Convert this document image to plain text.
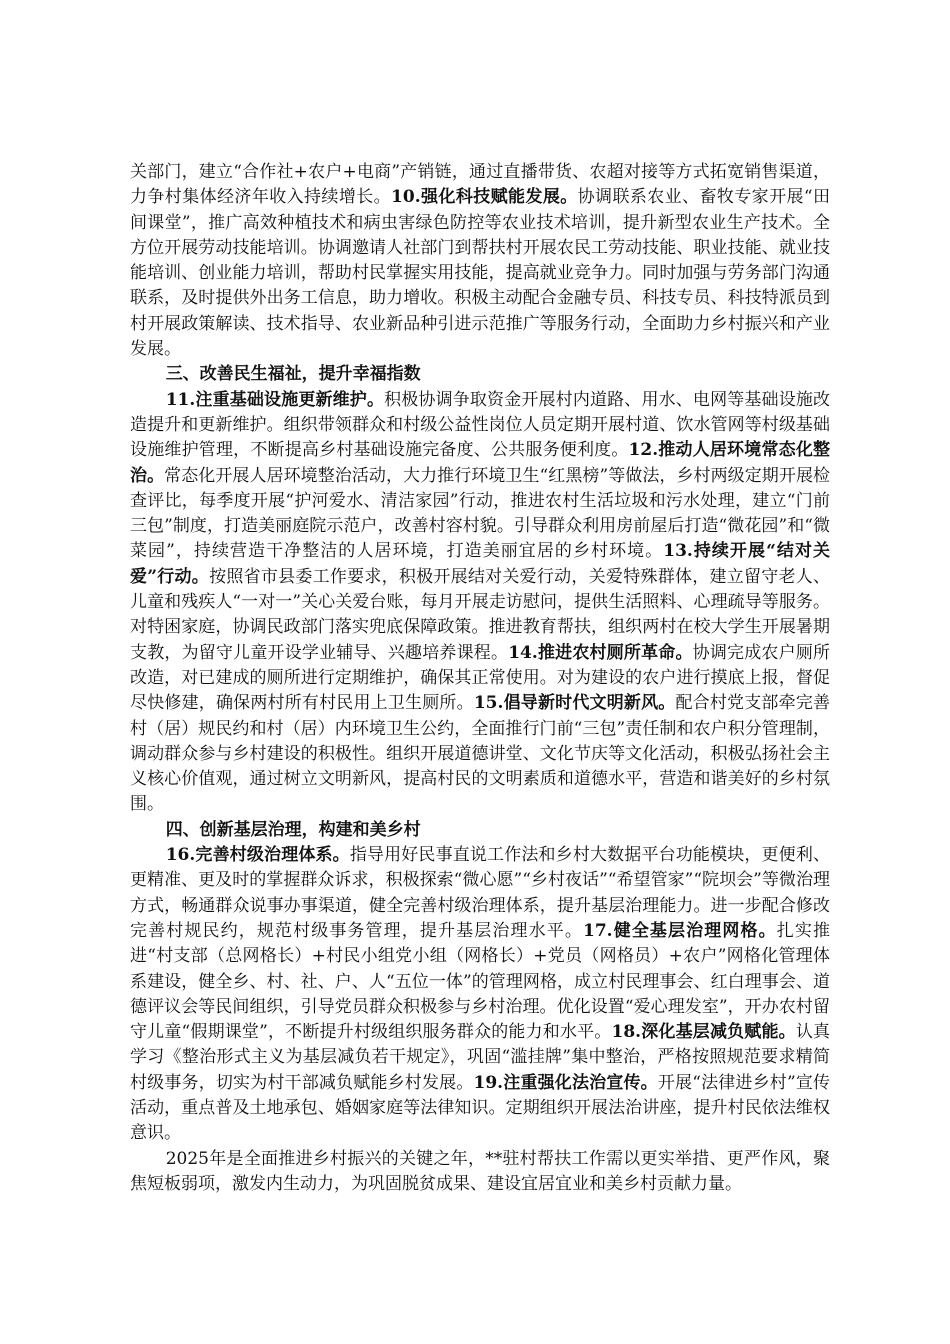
关部门，建立“合作社+农户+电商”产销链，通过直播带货、农超对接等方式拓宽销售渠道，力争村集体经济年收入持续增长。10.强化科技赋能发展。协调联系农业、畜牧专家开展“田间课堂”，推广高效种植技术和病虫害绿色防控等农业技术培训，提升新型农业生产技术。全方位开展劳动技能培训。协调邀请人社部门到帮扶村开展农民工劳动技能、职业技能、就业技能培训、创业能力培训，帮助村民掌握实用技能，提高就业竞争力。同时加强与劳务部门沟通联系，及时提供外出务工信息，助力增收。积极主动配合金融专员、科技专员、科技特派员到村开展政策解读、技术指导、农业新品种引进示范推广等服务行动，全面助力乡村振兴和产业发展。

三、改善民生福祉，提升幸福指数

11.注重基础设施更新维护。积极协调争取资金开展村内道路、用水、电网等基础设施改造提升和更新维护。组织带领群众和村级公益性岗位人员定期开展村道、饮水管网等村级基础设施维护管理，不断提高乡村基础设施完备度、公共服务便利度。12.推动人居环境常态化整治。常态化开展人居环境整治活动，大力推行环境卫生“红黑榜”等做法，乡村两级定期开展检查评比，每季度开展“护河爱水、清洁家园”行动，推进农村生活垃圾和污水处理，建立“门前三包”制度，打造美丽庭院示范户，改善村容村貌。引导群众利用房前屋后打造“微花园”和“微菜园”，持续营造干净整洁的人居环境，打造美丽宜居的乡村环境。13.持续开展“结对关爱”行动。按照省市县委工作要求，积极开展结对关爱行动，关爱特殊群体，建立留守老人、儿童和残疾人“一对一”关心关爱台账，每月开展走访慰问，提供生活照料、心理疏导等服务。对特困家庭，协调民政部门落实兜底保障政策。推进教育帮扶，组织两村在校大学生开展暑期支教，为留守儿童开设学业辅导、兴趣培养课程。14.推进农村厕所革命。协调完成农户厕所改造，对已建成的厕所进行定期维护，确保其正常使用。对为建设的农户进行摸底上报，督促尽快修建，确保两村所有村民用上卫生厕所。15.倡导新时代文明新风。配合村党支部牵完善村（居）规民约和村（居）内环境卫生公约，全面推行门前“三包”责任制和农户积分管理制，调动群众参与乡村建设的积极性。组织开展道德讲堂、文化节庆等文化活动，积极弘扬社会主义核心价值观，通过树立文明新风，提高村民的文明素质和道德水平，营造和谐美好的乡村氛围。

四、创新基层治理，构建和美乡村

16.完善村级治理体系。指导用好民事直说工作法和乡村大数据平台功能模块，更便利、更精准、更及时的掌握群众诉求，积极探索“微心愿”“乡村夜话”“希望管家”“院坝会”等微治理方式，畅通群众说事办事渠道，健全完善村级治理体系，提升基层治理能力。进一步配合修改完善村规民约，规范村级事务管理，提升基层治理水平。17.健全基层治理网格。扎实推进“村支部（总网格长）+村民小组党小组（网格长）+党员（网格员）+农户”网格化管理体系建设，健全乡、村、社、户、人“五位一体”的管理网格，成立村民理事会、红白理事会、道德评议会等民间组织，引导党员群众积极参与乡村治理。优化设置“爱心理发室”，开办农村留守儿童“假期课堂”，不断提升村级组织服务群众的能力和水平。18.深化基层减负赋能。认真学习《整治形式主义为基层减负若干规定》，巩固“滥挂牌”集中整治，严格按照规范要求精简村级事务，切实为村干部减负赋能乡村发展。19.注重强化法治宣传。开展“法律进乡村”宣传活动，重点普及土地承包、婚姻家庭等法律知识。定期组织开展法治讲座，提升村民依法维权意识。

2025年是全面推进乡村振兴的关键之年，**驻村帮扶工作需以更实举措、更严作风，聚焦短板弱项，激发内生动力，为巩固脱贫成果、建设宜居宜业和美乡村贡献力量。
